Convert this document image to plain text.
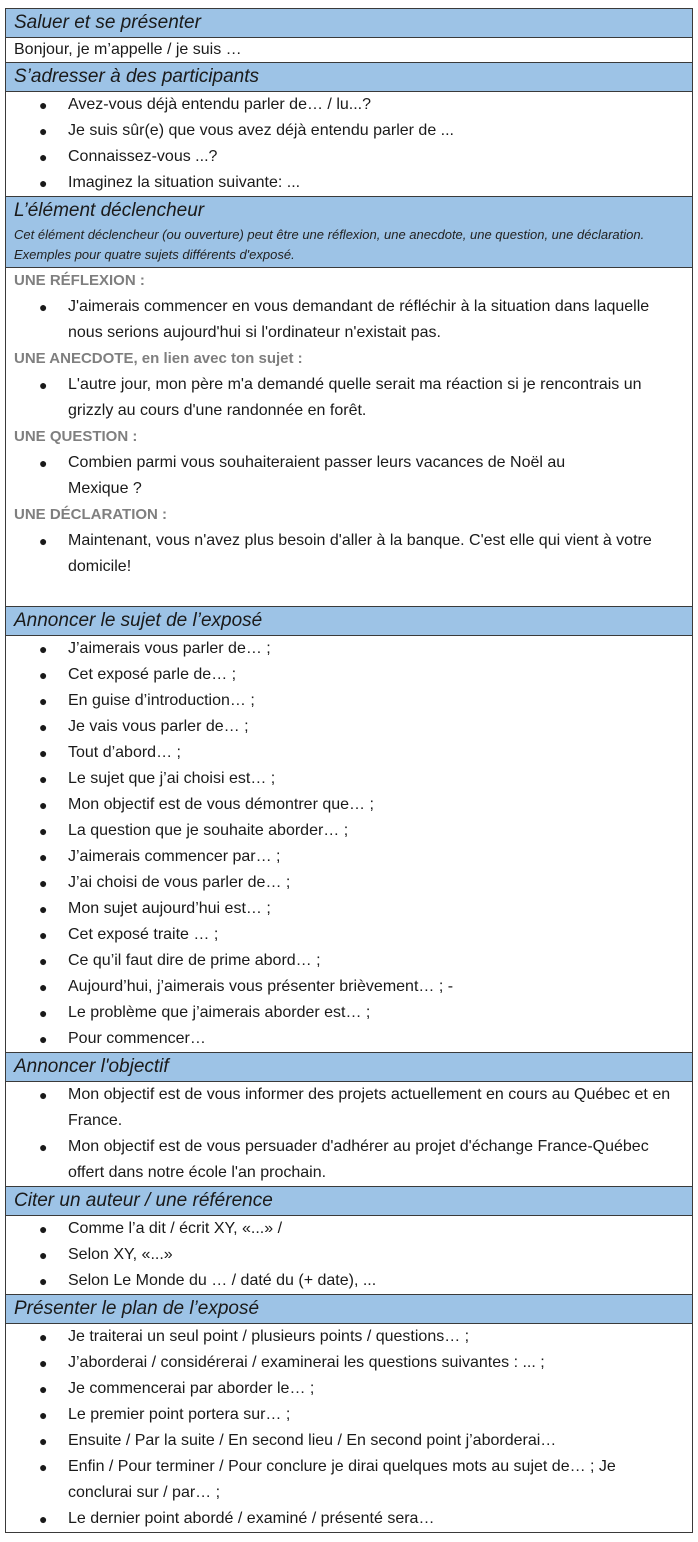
Saluer et se présenter

Bonjour, je m’appelle / je suis …

S’adresser à des participants

● Avez-vous déjà entendu parler de… / lu...?
● Je suis sûr(e) que vous avez déjà entendu parler de ...
● Connaissez-vous ...?
● Imaginez la situation suivante: ...

L’élément déclencheur
Cet élément déclencheur (ou ouverture) peut être une réflexion, une anecdote, une question, une déclaration. Exemples pour quatre sujets différents d'exposé.

UNE RÉFLEXION :
● J'aimerais commencer en vous demandant de réfléchir à la situation dans laquelle nous serions aujourd'hui si l'ordinateur n'existait pas.
UNE ANECDOTE, en lien avec ton sujet :
● L'autre jour, mon père m'a demandé quelle serait ma réaction si je rencontrais un grizzly au cours d'une randonnée en forêt.
UNE QUESTION :
● Combien parmi vous souhaiteraient passer leurs vacances de Noël au Mexique ?
UNE DÉCLARATION :
● Maintenant, vous n'avez plus besoin d'aller à la banque. C'est elle qui vient à votre domicile!

Annoncer le sujet de l’exposé

● J’aimerais vous parler de… ;
● Cet exposé parle de… ;
● En guise d’introduction… ;
● Je vais vous parler de… ;
● Tout d’abord… ;
● Le sujet que j’ai choisi est… ;
● Mon objectif est de vous démontrer que… ;
● La question que je souhaite aborder… ;
● J’aimerais commencer par… ;
● J’ai choisi de vous parler de… ;
● Mon sujet aujourd’hui est… ;
● Cet exposé traite … ;
● Ce qu’il faut dire de prime abord… ;
● Aujourd’hui, j’aimerais vous présenter brièvement… ; -
● Le problème que j’aimerais aborder est… ;
● Pour commencer…

Annoncer l'objectif

● Mon objectif est de vous informer des projets actuellement en cours au Québec et en France.
● Mon objectif est de vous persuader d'adhérer au projet d'échange France-Québec offert dans notre école l'an prochain.

Citer un auteur / une référence

● Comme l’a dit / écrit XY, «...» /
● Selon XY, «...»
● Selon Le Monde du … / daté du (+ date), ...

Présenter le plan de l’exposé

● Je traiterai un seul point / plusieurs points / questions… ;
● J’aborderai / considérerai / examinerai les questions suivantes : ... ;
● Je commencerai par aborder le… ;
● Le premier point portera sur… ;
● Ensuite / Par la suite / En second lieu / En second point j’aborderai…
● Enfin / Pour terminer / Pour conclure je dirai quelques mots au sujet de… ; Je conclurai sur / par… ;
● Le dernier point abordé / examiné / présenté sera…
